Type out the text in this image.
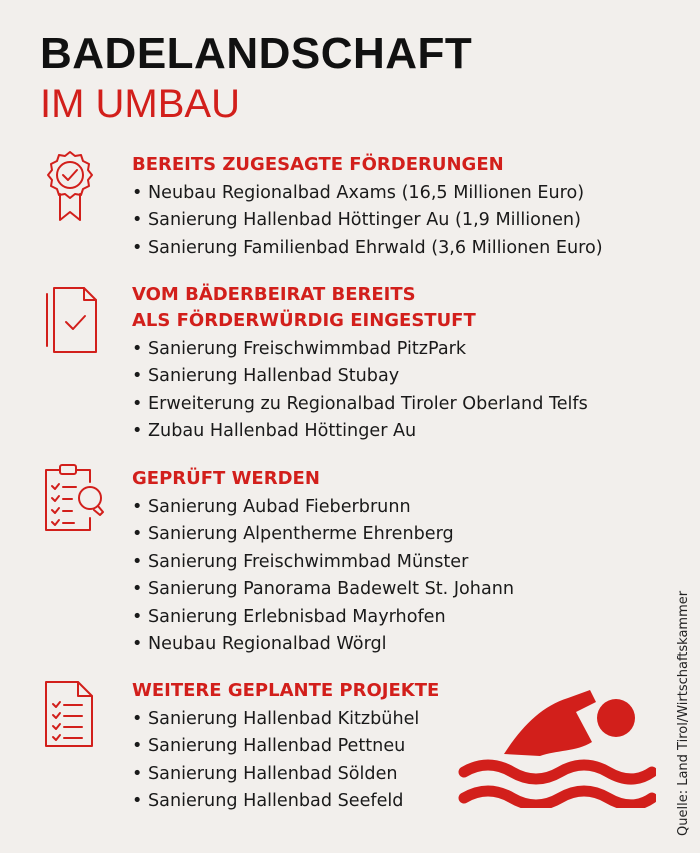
BADELANDSCHAFT
IM UMBAU
BEREITS ZUGESAGTE FÖRDERUNGEN
• Neubau Regionalbad Axams (16,5 Millionen Euro)
• Sanierung Hallenbad Höttinger Au (1,9 Millionen)
• Sanierung Familienbad Ehrwald (3,6 Millionen Euro)
VOM BÄDERBEIRAT BEREITS
ALS FÖRDERWÜRDIG EINGESTUFT
• Sanierung Freischwimmbad PitzPark
• Sanierung Hallenbad Stubay
• Erweiterung zu Regionalbad Tiroler Oberland Telfs
• Zubau Hallenbad Höttinger Au
GEPRÜFT WERDEN
• Sanierung Aubad Fieberbrunn
• Sanierung Alpentherme Ehrenberg
• Sanierung Freischwimmbad Münster
• Sanierung Panorama Badewelt St. Johann
• Sanierung Erlebnisbad Mayrhofen
• Neubau Regionalbad Wörgl
WEITERE GEPLANTE PROJEKTE
• Sanierung Hallenbad Kitzbühel
• Sanierung Hallenbad Pettneu
• Sanierung Hallenbad Sölden
• Sanierung Hallenbad Seefeld	Quelle: Land Tirol/Wirtschaftskammer
